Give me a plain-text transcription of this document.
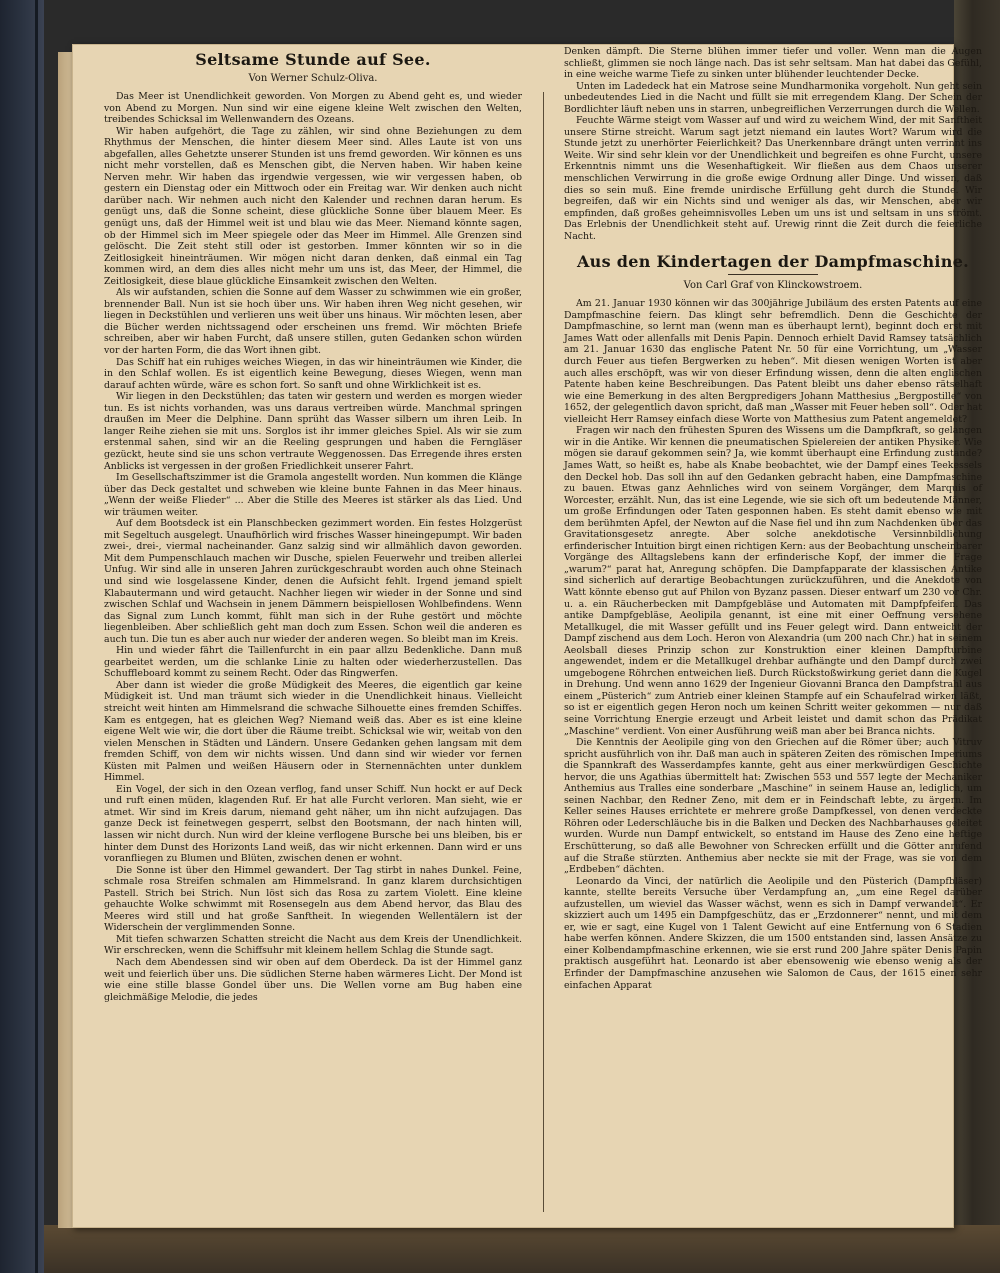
Seltsame Stunde auf See.
Von Werner Schulz-Oliva.

Das Meer ist Unendlichkeit geworden. Von Morgen zu Abend geht es, und wieder von Abend zu Morgen. Nun sind wir eine eigene kleine Welt zwischen den Welten, treibendes Schicksal im Wellenwandern des Ozeans.

Wir haben aufgehört, die Tage zu zählen, wir sind ohne Beziehungen zu dem Rhythmus der Menschen, die hinter diesem Meer sind. Alles Laute ist von uns abgefallen, alles Gehetzte unserer Stunden ist uns fremd geworden. Wir können es uns nicht mehr vorstellen, daß es Menschen gibt, die Nerven haben. Wir haben keine Nerven mehr. Wir haben das irgendwie vergessen, wie wir vergessen haben, ob gestern ein Dienstag oder ein Mittwoch oder ein Freitag war. Wir denken auch nicht darüber nach. Wir nehmen auch nicht den Kalender und rechnen daran herum. Es genügt uns, daß die Sonne scheint, diese glückliche Sonne über blauem Meer. Es genügt uns, daß der Himmel weit ist und blau wie das Meer. Niemand könnte sagen, ob der Himmel sich im Meer spiegele oder das Meer im Himmel. Alle Grenzen sind gelöscht. Die Zeit steht still oder ist gestorben. Immer könnten wir so in die Zeitlosigkeit hineinträumen. Wir mögen nicht daran denken, daß einmal ein Tag kommen wird, an dem dies alles nicht mehr um uns ist, das Meer, der Himmel, die Zeitlosigkeit, diese blaue glückliche Einsamkeit zwischen den Welten.

Als wir aufstanden, schien die Sonne auf dem Wasser zu schwimmen wie ein großer, brennender Ball. Nun ist sie hoch über uns. Wir haben ihren Weg nicht gesehen, wir liegen in Deckstühlen und verlieren uns weit über uns hinaus. Wir möchten lesen, aber die Bücher werden nichtssagend oder erscheinen uns fremd. Wir möchten Briefe schreiben, aber wir haben Furcht, daß unsere stillen, guten Gedanken schon würden vor der harten Form, die das Wort ihnen gibt.

Das Schiff hat ein ruhiges weiches Wiegen, in das wir hineinträumen wie Kinder, die in den Schlaf wollen. Es ist eigentlich keine Bewegung, dieses Wiegen, wenn man darauf achten würde, wäre es schon fort. So sanft und ohne Wirklichkeit ist es.

Wir liegen in den Deckstühlen; das taten wir gestern und werden es morgen wieder tun. Es ist nichts vorhanden, was uns daraus vertreiben würde. Manchmal springen draußen im Meer die Delphine. Dann sprüht das Wasser silbern um ihren Leib. In langer Reihe ziehen sie mit uns. Sorglos ist ihr immer gleiches Spiel. Als wir sie zum erstenmal sahen, sind wir an die Reeling gesprungen und haben die Ferngläser gezückt, heute sind sie uns schon vertraute Weggenossen. Das Erregende ihres ersten Anblicks ist vergessen in der großen Friedlichkeit unserer Fahrt.

Im Gesellschaftszimmer ist die Gramola angestellt worden. Nun kommen die Klänge über das Deck gestaltet und schweben wie kleine bunte Fahnen in das Meer hinaus. „Wenn der weiße Flieder“ ... Aber die Stille des Meeres ist stärker als das Lied. Und wir träumen weiter.

Auf dem Bootsdeck ist ein Planschbecken gezimmert worden. Ein festes Holzgerüst mit Segeltuch ausgelegt. Unaufhörlich wird frisches Wasser hineingepumpt. Wir baden zwei-, drei-, viermal nacheinander. Ganz salzig sind wir allmählich davon geworden. Mit dem Pumpenschlauch machen wir Dusche, spielen Feuerwehr und treiben allerlei Unfug. Wir sind alle in unseren Jahren zurückgeschraubt worden auch ohne Steinach und sind wie losgelassene Kinder, denen die Aufsicht fehlt. Irgend jemand spielt Klabautermann und wird getaucht. Nachher liegen wir wieder in der Sonne und sind zwischen Schlaf und Wachsein in jenem Dämmern beispiellosen Wohlbefindens. Wenn das Signal zum Lunch kommt, fühlt man sich in der Ruhe gestört und möchte liegenbleiben. Aber schließlich geht man doch zum Essen. Schon weil die anderen es auch tun. Die tun es aber auch nur wieder der anderen wegen. So bleibt man im Kreis.

Hin und wieder fährt die Taillenfurcht in ein paar allzu Bedenkliche. Dann muß gearbeitet werden, um die schlanke Linie zu halten oder wiederherzustellen. Das Schuffleboard kommt zu seinem Recht. Oder das Ringwerfen.

Aber dann ist wieder die große Müdigkeit des Meeres, die eigentlich gar keine Müdigkeit ist. Und man träumt sich wieder in die Unendlichkeit hinaus. Vielleicht streicht weit hinten am Himmelsrand die schwache Silhouette eines fremden Schiffes. Kam es entgegen, hat es gleichen Weg? Niemand weiß das. Aber es ist eine kleine eigene Welt wie wir, die dort über die Räume treibt. Schicksal wie wir, weitab von den vielen Menschen in Städten und Ländern. Unsere Gedanken gehen langsam mit dem fremden Schiff, von dem wir nichts wissen. Und dann sind wir wieder vor fernen Küsten mit Palmen und weißen Häusern oder in Sternennächten unter dunklem Himmel.

Ein Vogel, der sich in den Ozean verflog, fand unser Schiff. Nun hockt er auf Deck und ruft einen müden, klagenden Ruf. Er hat alle Furcht verloren. Man sieht, wie er atmet. Wir sind im Kreis darum, niemand geht näher, um ihn nicht aufzujagen. Das ganze Deck ist feinetwegen gesperrt, selbst den Bootsmann, der nach hinten will, lassen wir nicht durch. Nun wird der kleine verflogene Bursche bei uns bleiben, bis er hinter dem Dunst des Horizonts Land weiß, das wir nicht erkennen. Dann wird er uns voranfliegen zu Blumen und Blüten, zwischen denen er wohnt.

Die Sonne ist über den Himmel gewandert. Der Tag stirbt in nahes Dunkel. Feine, schmale rosa Streifen schmalen am Himmelsrand. In ganz klarem durchsichtigen Pastell. Strich bei Strich. Nun löst sich das Rosa zu zartem Violett. Eine kleine gehauchte Wolke schwimmt mit Rosensegeln aus dem Abend hervor, das Blau des Meeres wird still und hat große Sanftheit. In wiegenden Wellentälern ist der Widerschein der verglimmenden Sonne.

Mit tiefen schwarzen Schatten streicht die Nacht aus dem Kreis der Unendlichkeit. Wir erschrecken, wenn die Schiffsuhr mit kleinem hellem Schlag die Stunde sagt.

Nach dem Abendessen sind wir oben auf dem Oberdeck. Da ist der Himmel ganz weit und feierlich über uns. Die südlichen Sterne haben wärmeres Licht. Der Mond ist wie eine stille blasse Gondel über uns. Die Wellen vorne am Bug haben eine gleichmäßige Melodie, die jedes

Denken dämpft. Die Sterne blühen immer tiefer und voller. Wenn man die Augen schließt, glimmen sie noch länge nach. Das ist sehr seltsam. Man hat dabei das Gefühl, in eine weiche warme Tiefe zu sinken unter blühender leuchtender Decke.

Unten im Ladedeck hat ein Matrose seine Mundharmonika vorgeholt. Nun geht sein unbedeutendes Lied in die Nacht und füllt sie mit erregendem Klang. Der Schein der Bordlichter läuft neben uns in starren, unbegreiflichen Verzerrungen durch die Wellen.

Feuchte Wärme steigt vom Wasser auf und wird zu weichem Wind, der mit Sanftheit unsere Stirne streicht. Warum sagt jetzt niemand ein lautes Wort? Warum wird die Stunde jetzt zu unerhörter Feierlichkeit? Das Unerkennbare drängt unten verrinnt ins Weite. Wir sind sehr klein vor der Unendlichkeit und begreifen es ohne Furcht, unsere Erkenntnis nimmt uns die Wesenhaftigkeit. Wir fließen aus dem Chaos unserer menschlichen Verwirrung in die große ewige Ordnung aller Dinge. Und wissen, daß dies so sein muß. Eine fremde unirdische Erfüllung geht durch die Stunde. Wir begreifen, daß wir ein Nichts sind und weniger als das, wir Menschen, aber wir empfinden, daß großes geheimnisvolles Leben um uns ist und seltsam in uns strömt. Das Erlebnis der Unendlichkeit steht auf. Urewig rinnt die Zeit durch die feierliche Nacht.

Aus den Kindertagen der Dampfmaschine.
Von Carl Graf von Klinckowstroem.

Am 21. Januar 1930 können wir das 300jährige Jubiläum des ersten Patents auf eine Dampfmaschine feiern. Das klingt sehr befremdlich. Denn die Geschichte der Dampfmaschine, so lernt man (wenn man es überhaupt lernt), beginnt doch erst mit James Watt oder allenfalls mit Denis Papin. Dennoch erhielt David Ramsey tatsächlich am 21. Januar 1630 das englische Patent Nr. 50 für eine Vorrichtung, um „Wasser durch Feuer aus tiefen Bergwerken zu heben“. Mit diesen wenigen Worten ist aber auch alles erschöpft, was wir von dieser Erfindung wissen, denn die alten englischen Patente haben keine Beschreibungen. Das Patent bleibt uns daher ebenso rätselhaft wie eine Bemerkung in des alten Bergpredigers Johann Matthesius „Bergpostille“ von 1652, der gelegentlich davon spricht, daß man „Wasser mit Feuer heben soll“. Oder hat vielleicht Herr Ramsey einfach diese Worte von Matthesius zum Patent angemeldet?

Fragen wir nach den frühesten Spuren des Wissens um die Dampfkraft, so gelangen wir in die Antike. Wir kennen die pneumatischen Spielereien der antiken Physiker. Wie mögen sie darauf gekommen sein? Ja, wie kommt überhaupt eine Erfindung zustande? James Watt, so heißt es, habe als Knabe beobachtet, wie der Dampf eines Teekessels den Deckel hob. Das soll ihn auf den Gedanken gebracht haben, eine Dampfmaschine zu bauen. Etwas ganz Aehnliches wird von seinem Vorgänger, dem Marquis of Worcester, erzählt. Nun, das ist eine Legende, wie sie sich oft um bedeutende Männer, um große Erfindungen oder Taten gesponnen haben. Es steht damit ebenso wie mit dem berühmten Apfel, der Newton auf die Nase fiel und ihn zum Nachdenken über das Gravitationsgesetz anregte. Aber solche anekdotische Versinnbildlichung erfinderischer Intuition birgt einen richtigen Kern: aus der Beobachtung unscheinbarer Vorgänge des Alltagslebens kann der erfinderische Kopf, der immer die Frage „warum?“ parat hat, Anregung schöpfen. Die Dampfapparate der klassischen Antike sind sicherlich auf derartige Beobachtungen zurückzuführen, und die Anekdote von Watt könnte ebenso gut auf Philon von Byzanz passen. Dieser entwarf um 230 vor Chr. u. a. ein Räucherbecken mit Dampfgebläse und Automaten mit Dampfpfeifen. Das antike Dampfgebläse, Aeolipila genannt, ist eine mit einer Oeffnung versehene Metallkugel, die mit Wasser gefüllt und ins Feuer gelegt wird. Dann entweicht der Dampf zischend aus dem Loch. Heron von Alexandria (um 200 nach Chr.) hat in seinem Aeolsball dieses Prinzip schon zur Konstruktion einer kleinen Dampfturbine angewendet, indem er die Metallkugel drehbar aufhängte und den Dampf durch zwei umgebogene Röhrchen entweichen ließ. Durch Rückstoßwirkung geriet dann die Kugel in Drehung. Und wenn anno 1629 der Ingenieur Giovanni Branca den Dampfstrahl aus einem „Püsterich“ zum Antrieb einer kleinen Stampfe auf ein Schaufelrad wirken läßt, so ist er eigentlich gegen Heron noch um keinen Schritt weiter gekommen — nur daß seine Vorrichtung Energie erzeugt und Arbeit leistet und damit schon das Prädikat „Maschine“ verdient. Von einer Ausführung weiß man aber bei Branca nichts.

Die Kenntnis der Aeolipile ging von den Griechen auf die Römer über; auch Vitruv spricht ausführlich von ihr. Daß man auch in späteren Zeiten des römischen Imperiums die Spannkraft des Wasserdampfes kannte, geht aus einer merkwürdigen Geschichte hervor, die uns Agathias übermittelt hat: Zwischen 553 und 557 legte der Mechaniker Anthemius aus Tralles eine sonderbare „Maschine“ in seinem Hause an, lediglich, um seinen Nachbar, den Redner Zeno, mit dem er in Feindschaft lebte, zu ärgern. Im Keller seines Hauses errichtete er mehrere große Dampfkessel, von denen verdeckte Röhren oder Lederschläuche bis in die Balken und Decken des Nachbarhauses geleitet wurden. Wurde nun Dampf entwickelt, so entstand im Hause des Zeno eine heftige Erschütterung, so daß alle Bewohner von Schrecken erfüllt und die Götter anrufend auf die Straße stürzten. Anthemius aber neckte sie mit der Frage, was sie von dem „Erdbeben“ dächten.

Leonardo da Vinci, der natürlich die Aeolipile und den Püsterich (Dampfbläser) kannte, stellte bereits Versuche über Verdampfung an, „um eine Regel darüber aufzustellen, um wieviel das Wasser wächst, wenn es sich in Dampf verwandelt“. Er skizziert auch um 1495 ein Dampfgeschütz, das er „Erzdonnerer“ nennt, und mit dem er, wie er sagt, eine Kugel von 1 Talent Gewicht auf eine Entfernung von 6 Stadien habe werfen können. Andere Skizzen, die um 1500 entstanden sind, lassen Ansätze zu einer Kolbendampfmaschine erkennen, wie sie erst rund 200 Jahre später Denis Papin praktisch ausgeführt hat. Leonardo ist aber ebensowenig wie ebenso wenig als der Erfinder der Dampfmaschine anzusehen wie Salomon de Caus, der 1615 einen sehr einfachen Apparat
